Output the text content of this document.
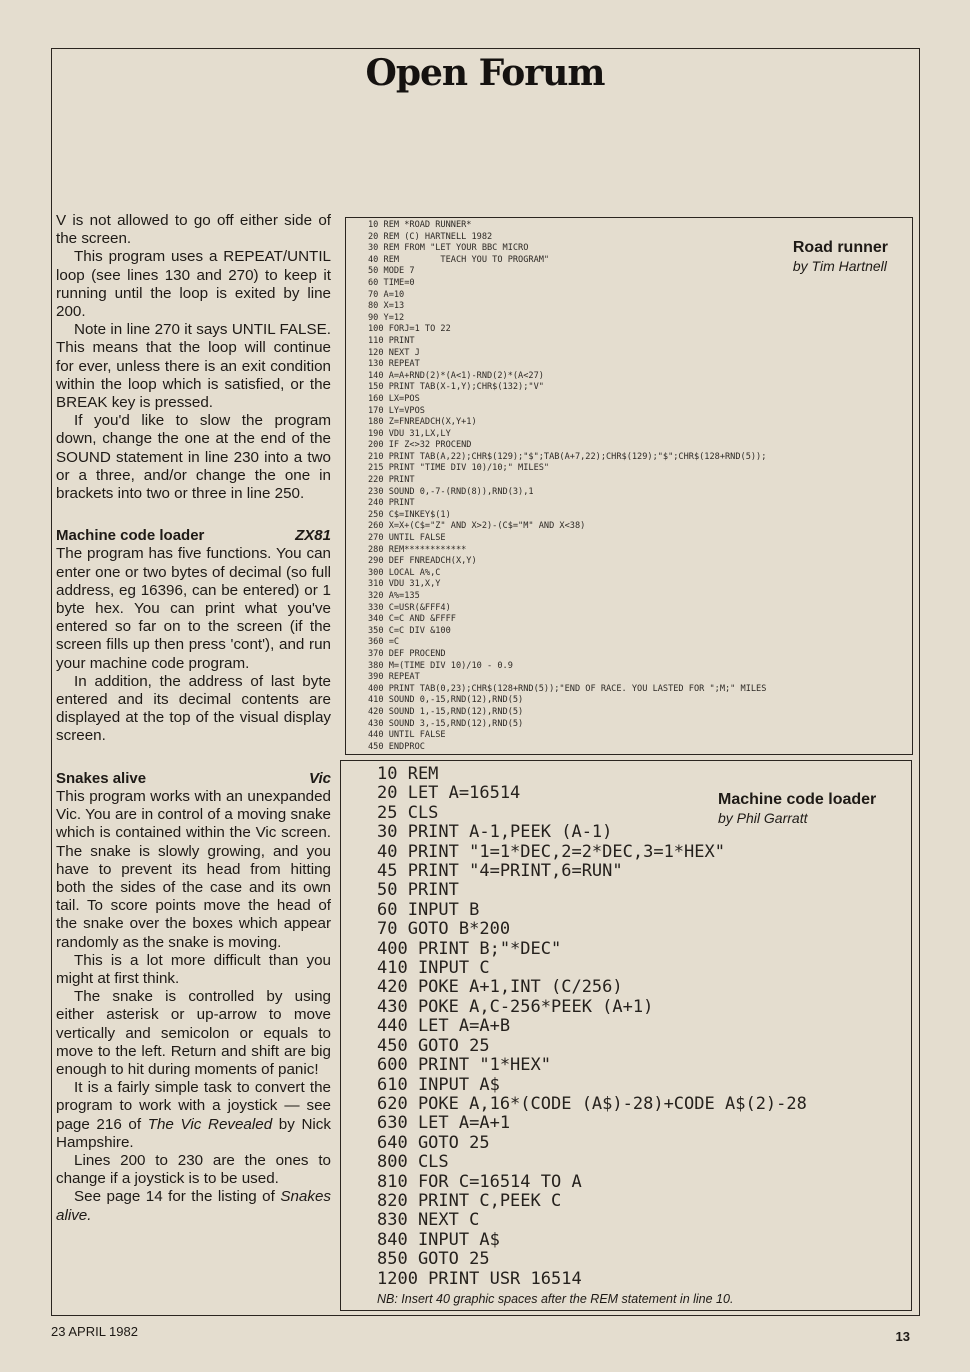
Open Forum

V is not allowed to go off either side of the screen.

This program uses a REPEAT/UNTIL loop (see lines 130 and 270) to keep it running until the loop is exited by line 200.

Note in line 270 it says UNTIL FALSE. This means that the loop will continue for ever, unless there is an exit condition within the loop which is satisfied, or the BREAK key is pressed.

If you'd like to slow the program down, change the one at the end of the SOUND statement in line 230 into a two or a three, and/or change the one in brackets into two or three in line 250.

Machine code loader	ZX81

The program has five functions. You can enter one or two bytes of decimal (so full address, eg 16396, can be entered) or 1 byte hex. You can print what you've entered so far on to the screen (if the screen fills up then press 'cont'), and run your machine code program.

In addition, the address of last byte entered and its decimal contents are displayed at the top of the visual display screen.

Snakes alive	Vic

This program works with an unexpanded Vic. You are in control of a moving snake which is contained within the Vic screen. The snake is slowly growing, and you have to prevent its head from hitting both the sides of the case and its own tail. To score points move the head of the snake over the boxes which appear randomly as the snake is moving.

This is a lot more difficult than you might at first think.

The snake is controlled by using either asterisk or up-arrow to move vertically and semicolon or equals to move to the left. Return and shift are big enough to hit during moments of panic!

It is a fairly simple task to convert the program to work with a joystick — see page 216 of The Vic Revealed by Nick Hampshire.

Lines 200 to 230 are the ones to change if a joystick is to be used.

See page 14 for the listing of Snakes alive.

10 REM *ROAD RUNNER*
20 REM (C) HARTNELL 1982
30 REM FROM "LET YOUR BBC MICRO
40 REM        TEACH YOU TO PROGRAM"
50 MODE 7
60 TIME=0
70 A=10
80 X=13
90 Y=12
100 FORJ=1 TO 22
110 PRINT
120 NEXT J
130 REPEAT
140 A=A+RND(2)*(A<1)-RND(2)*(A<27)
150 PRINT TAB(X-1,Y);CHR$(132);"V"
160 LX=POS
170 LY=VPOS
180 Z=FNREADCH(X,Y+1)
190 VDU 31,LX,LY
200 IF Z<>32 PROCEND
210 PRINT TAB(A,22);CHR$(129);"$";TAB(A+7,22);CHR$(129);"$";CHR$(128+RND(5));
215 PRINT "TIME DIV 10)/10;" MILES"
220 PRINT
230 SOUND 0,-7-(RND(8)),RND(3),1
240 PRINT
250 C$=INKEY$(1)
260 X=X+(C$="Z" AND X>2)-(C$="M" AND X<38)
270 UNTIL FALSE
280 REM************
290 DEF FNREADCH(X,Y)
300 LOCAL A%,C
310 VDU 31,X,Y
320 A%=135
330 C=USR(&FFF4)
340 C=C AND &FFFF
350 C=C DIV &100
360 =C
370 DEF PROCEND
380 M=(TIME DIV 10)/10 - 0.9
390 REPEAT
400 PRINT TAB(0,23);CHR$(128+RND(5));"END OF RACE. YOU LASTED FOR ";M;" MILES
410 SOUND 0,-15,RND(12),RND(5)
420 SOUND 1,-15,RND(12),RND(5)
430 SOUND 3,-15,RND(12),RND(5)
440 UNTIL FALSE
450 ENDPROC
Road runner
by Tim Hartnell
10 REM
20 LET A=16514
25 CLS
30 PRINT A-1,PEEK (A-1)
40 PRINT "1=1*DEC,2=2*DEC,3=1*HEX"
45 PRINT "4=PRINT,6=RUN"
50 PRINT
60 INPUT B
70 GOTO B*200
400 PRINT B;"*DEC"
410 INPUT C
420 POKE A+1,INT (C/256)
430 POKE A,C-256*PEEK (A+1)
440 LET A=A+B
450 GOTO 25
600 PRINT "1*HEX"
610 INPUT A$
620 POKE A,16*(CODE (A$)-28)+CODE A$(2)-28
630 LET A=A+1
640 GOTO 25
800 CLS
810 FOR C=16514 TO A
820 PRINT C,PEEK C
830 NEXT C
840 INPUT A$
850 GOTO 25
1200 PRINT USR 16514
Machine code loader
by Phil Garratt
NB: Insert 40 graphic spaces after the REM statement in line 10.
23 APRIL 1982	13
